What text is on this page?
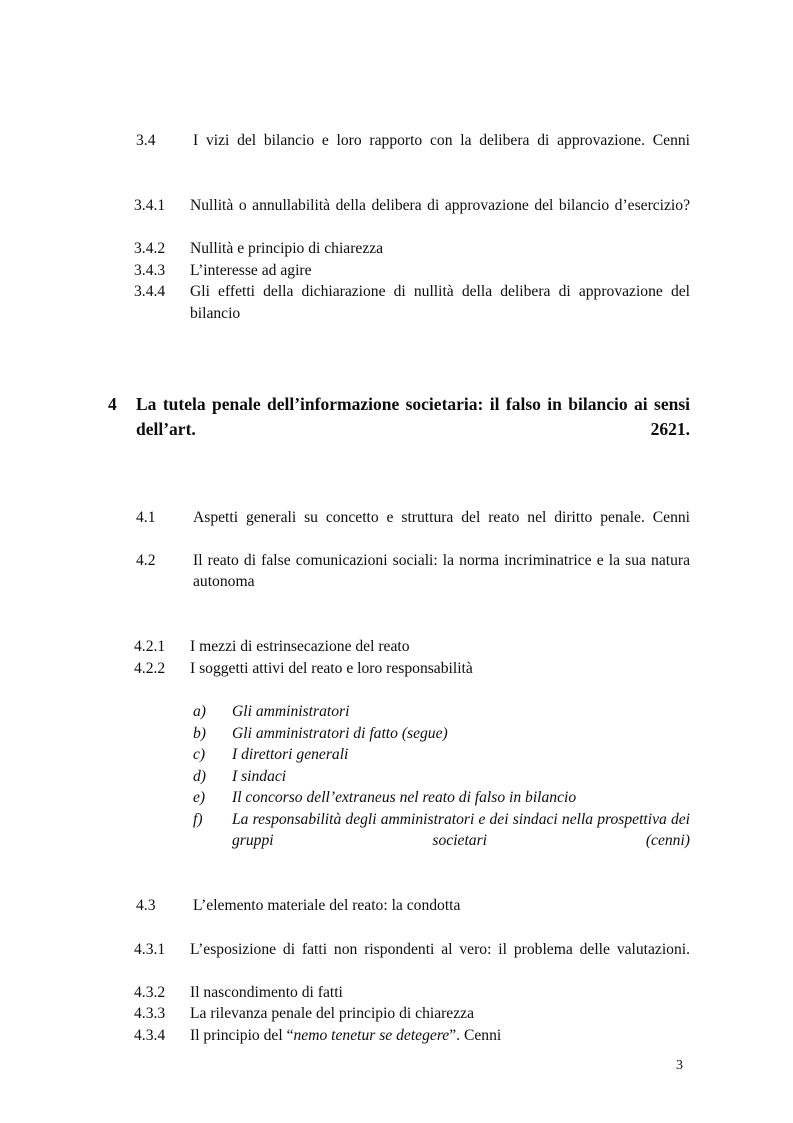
3.4	I vizi del bilancio e loro rapporto con la delibera di approvazione. Cenni
3.4.1	Nullità o annullabilità della delibera di approvazione del bilancio d’esercizio?
3.4.2	Nullità e principio di chiarezza
3.4.3	L’interesse ad agire
3.4.4	Gli effetti della dichiarazione di nullità della delibera di approvazione del bilancio
4	La tutela penale dell’informazione societaria: il falso in bilancio ai sensi dell’art. 2621.
4.1	Aspetti generali su concetto e struttura del reato nel diritto penale. Cenni
4.2	Il reato di false comunicazioni sociali: la norma incriminatrice e la sua natura autonoma
4.2.1	I mezzi di estrinsecazione del reato
4.2.2	I soggetti attivi del reato e loro responsabilità
a)	Gli amministratori
b)	Gli amministratori di fatto (segue)
c)	I direttori generali
d)	I sindaci
e)	Il concorso dell’extraneus nel reato di falso in bilancio
f)	La responsabilità degli amministratori e dei sindaci nella prospettiva dei gruppi societari (cenni)
4.3	L’elemento materiale del reato: la condotta
4.3.1	L’esposizione di fatti non rispondenti al vero: il problema delle valutazioni.
4.3.2	Il nascondimento di fatti
4.3.3	La rilevanza penale del principio di chiarezza
4.3.4	Il principio del “nemo tenetur se detegere”. Cenni
3
